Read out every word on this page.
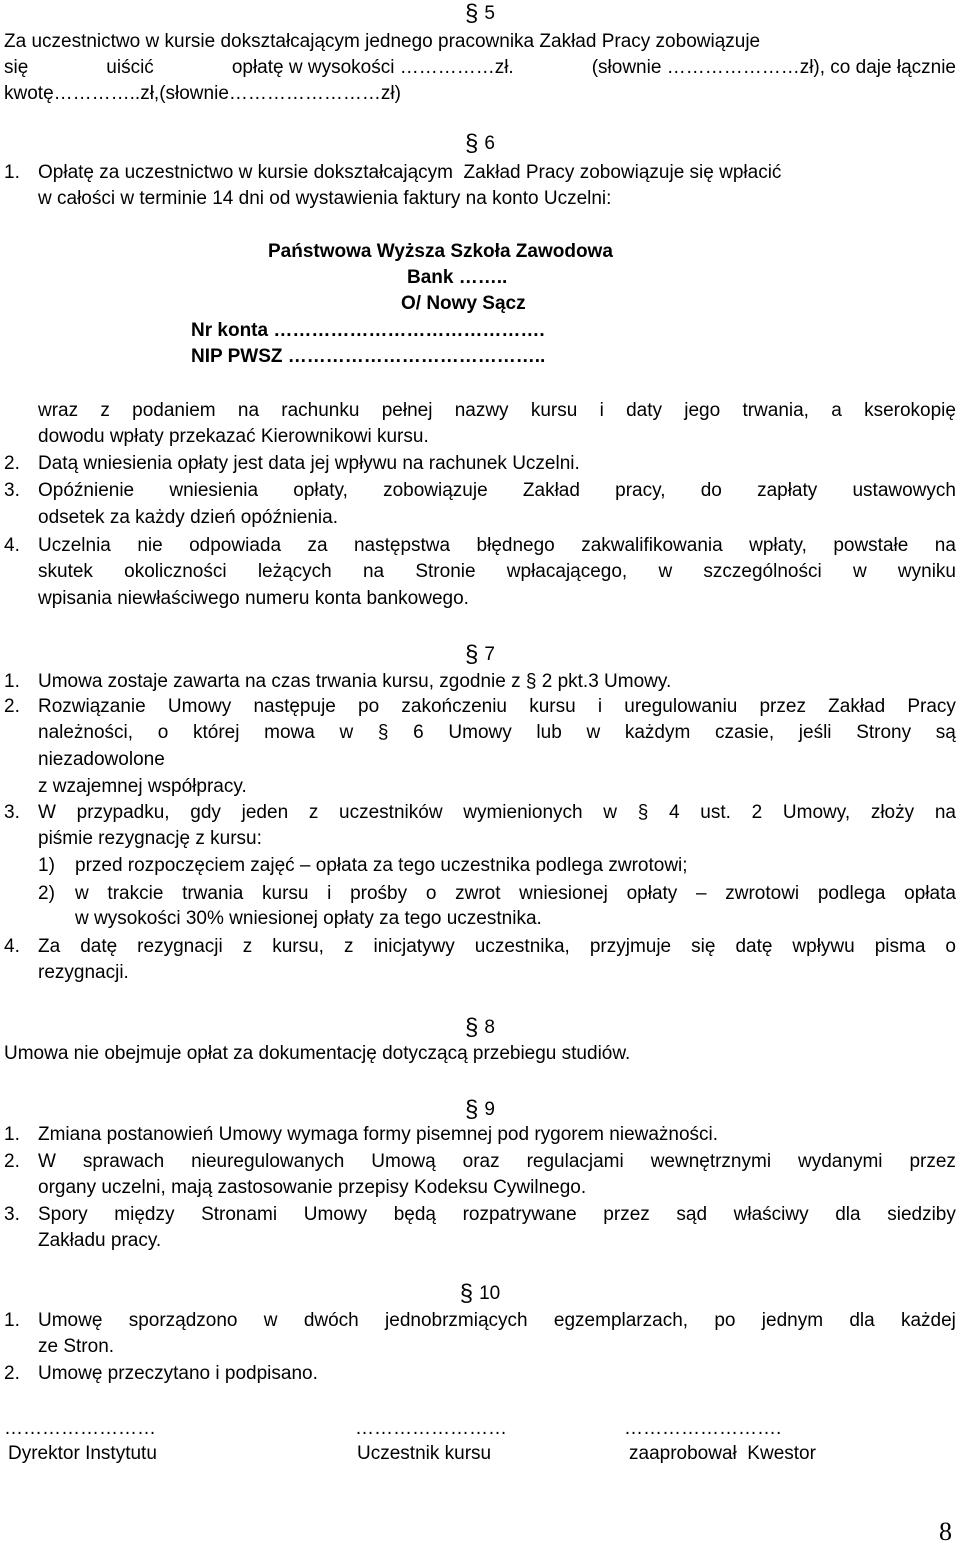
§ 5
Za uczestnictwo w kursie dokształcającym jednego pracownika Zakład Pracy zobowiązuje
się	uiścić	opłatę w wysokości ……………zł.	(słownie …………………zł), co daje łącznie
kwotę…………..zł,(słownie……………………zł)
§ 6
1. Opłatę za uczestnictwo w kursie dokształcającym  Zakład Pracy zobowiązuje się wpłacić
w całości w terminie 14 dni od wystawienia faktury na konto Uczelni:
Państwowa Wyższa Szkoła Zawodowa
Bank ……..
O/ Nowy Sącz
Nr konta …………………………………….
NIP PWSZ …………………………………..
wraz z podaniem na rachunku pełnej nazwy kursu i daty jego trwania, a kserokopię
dowodu wpłaty przekazać Kierownikowi kursu.
2. Datą wniesienia opłaty jest data jej wpływu na rachunek Uczelni.
3. Opóźnienie wniesienia opłaty, zobowiązuje Zakład pracy, do zapłaty ustawowych
odsetek za każdy dzień opóźnienia.
4. Uczelnia nie odpowiada za następstwa błędnego zakwalifikowania wpłaty, powstałe na
skutek okoliczności leżących na Stronie wpłacającego, w szczególności w wyniku
wpisania niewłaściwego numeru konta bankowego.
§ 7
1. Umowa zostaje zawarta na czas trwania kursu, zgodnie z § 2 pkt.3 Umowy.
2. Rozwiązanie Umowy następuje po zakończeniu kursu i uregulowaniu przez Zakład Pracy
należności, o której mowa w § 6 Umowy lub w każdym czasie, jeśli Strony są
niezadowolone
z wzajemnej współpracy.
3. W przypadku, gdy jeden z uczestników wymienionych w § 4 ust. 2 Umowy, złoży na
piśmie rezygnację z kursu:
1) przed rozpoczęciem zajęć – opłata za tego uczestnika podlega zwrotowi;
2) w trakcie trwania kursu i prośby o zwrot wniesionej opłaty – zwrotowi podlega opłata
w wysokości 30% wniesionej opłaty za tego uczestnika.
4. Za datę rezygnacji z kursu, z inicjatywy uczestnika, przyjmuje się datę wpływu pisma o
rezygnacji.
§ 8
Umowa nie obejmuje opłat za dokumentację dotyczącą przebiegu studiów.
§ 9
1. Zmiana postanowień Umowy wymaga formy pisemnej pod rygorem nieważności.
2. W sprawach nieuregulowanych Umową oraz regulacjami wewnętrznymi wydanymi przez
organy uczelni, mają zastosowanie przepisy Kodeksu Cywilnego.
3. Spory między Stronami Umowy będą rozpatrywane przez sąd właściwy dla siedziby
Zakładu pracy.
§ 10
1. Umowę sporządzono w dwóch jednobrzmiących egzemplarzach, po jednym dla każdej
ze Stron.
2. Umowę przeczytano i podpisano.
……………………	……………………	…………………….
Dyrektor Instytutu	Uczestnik kursu	zaaprobował  Kwestor
8
